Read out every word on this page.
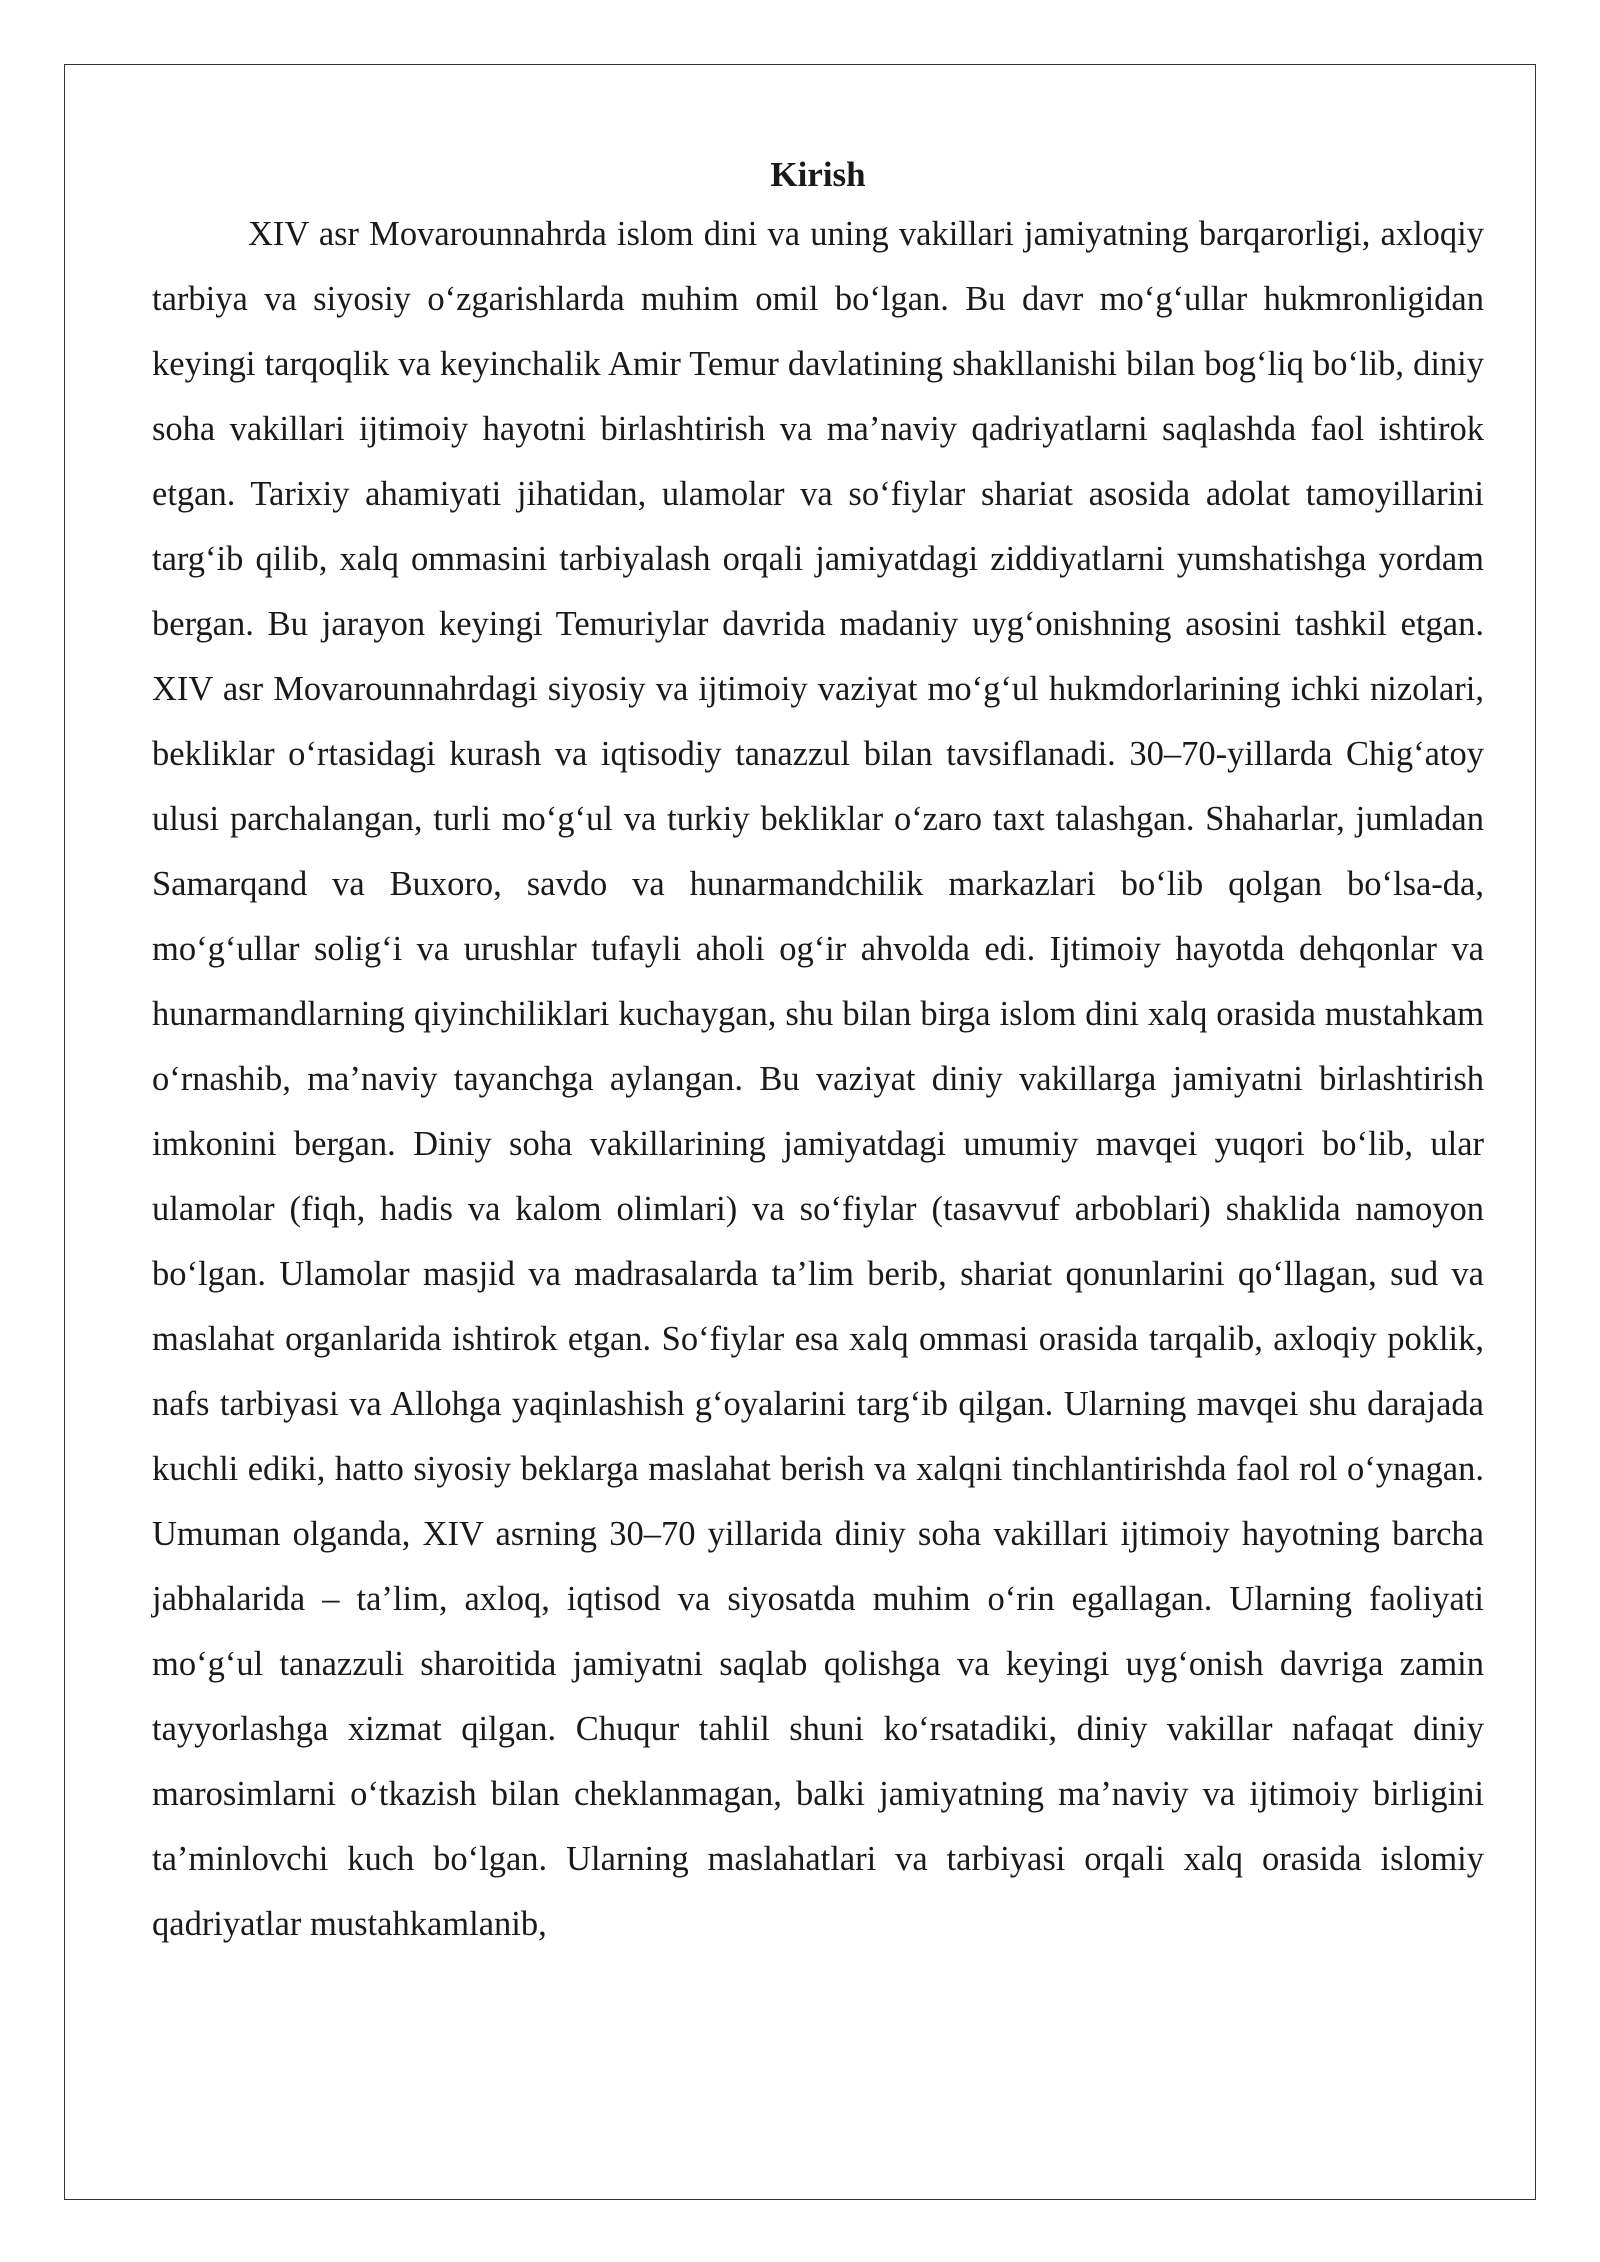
Kirish

XIV asr Movarounnahrda islom dini va uning vakillari jamiyatning barqarorligi, axloqiy tarbiya va siyosiy o‘zgarishlarda muhim omil bo‘lgan. Bu davr mo‘g‘ullar hukmronligidan keyingi tarqoqlik va keyinchalik Amir Temur davlatining shakllanishi bilan bog‘liq bo‘lib, diniy soha vakillari ijtimoiy hayotni birlashtirish va ma’naviy qadriyatlarni saqlashda faol ishtirok etgan. Tarixiy ahamiyati jihatidan, ulamolar va so‘fiylar shariat asosida adolat tamoyillarini targ‘ib qilib, xalq ommasini tarbiyalash orqali jamiyatdagi ziddiyatlarni yumshatishga yordam bergan. Bu jarayon keyingi Temuriylar davrida madaniy uyg‘onishning asosini tashkil etgan. XIV asr Movarounnahrdagi siyosiy va ijtimoiy vaziyat mo‘g‘ul hukmdorlarining ichki nizolari, bekliklar o‘rtasidagi kurash va iqtisodiy tanazzul bilan tavsiflanadi. 30–70-yillarda Chig‘atoy ulusi parchalangan, turli mo‘g‘ul va turkiy bekliklar o‘zaro taxt talashgan. Shaharlar, jumladan Samarqand va Buxoro, savdo va hunarmandchilik markazlari bo‘lib qolgan bo‘lsa-da, mo‘g‘ullar solig‘i va urushlar tufayli aholi og‘ir ahvolda edi. Ijtimoiy hayotda dehqonlar va hunarmandlarning qiyinchiliklari kuchaygan, shu bilan birga islom dini xalq orasida mustahkam o‘rnashib, ma’naviy tayanchga aylangan. Bu vaziyat diniy vakillarga jamiyatni birlashtirish imkonini bergan. Diniy soha vakillarining jamiyatdagi umumiy mavqei yuqori bo‘lib, ular ulamolar (fiqh, hadis va kalom olimlari) va so‘fiylar (tasavvuf arboblari) shaklida namoyon bo‘lgan. Ulamolar masjid va madrasalarda ta’lim berib, shariat qonunlarini qo‘llagan, sud va maslahat organlarida ishtirok etgan. So‘fiylar esa xalq ommasi orasida tarqalib, axloqiy poklik, nafs tarbiyasi va Allohga yaqinlashish g‘oyalarini targ‘ib qilgan. Ularning mavqei shu darajada kuchli ediki, hatto siyosiy beklarga maslahat berish va xalqni tinchlantirishda faol rol o‘ynagan. Umuman olganda, XIV asrning 30–70 yillarida diniy soha vakillari ijtimoiy hayotning barcha jabhalarida – ta’lim, axloq, iqtisod va siyosatda muhim o‘rin egallagan. Ularning faoliyati mo‘g‘ul tanazzuli sharoitida jamiyatni saqlab qolishga va keyingi uyg‘onish davriga zamin tayyorlashga xizmat qilgan. Chuqur tahlil shuni ko‘rsatadiki, diniy vakillar nafaqat diniy marosimlarni o‘tkazish bilan cheklanmagan, balki jamiyatning ma’naviy va ijtimoiy birligini ta’minlovchi kuch bo‘lgan. Ularning maslahatlari va tarbiyasi orqali xalq orasida islomiy qadriyatlar mustahkamlanib,
